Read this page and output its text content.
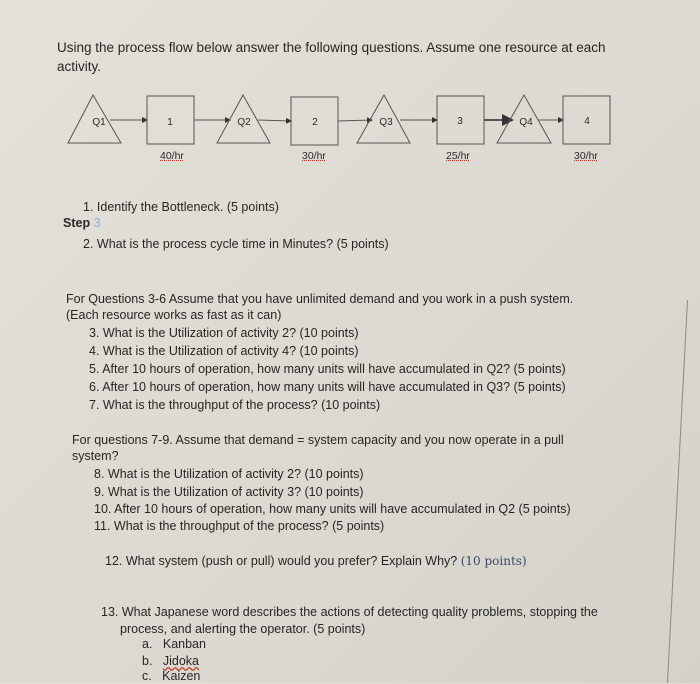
Using the process flow below answer the following questions. Assume one resource at each activity.
Q1	1	Q2	2	Q3	3	Q4	4
40/hr	30/hr	25/hr	30/hr
1. Identify the Bottleneck. (5 points)
Step 3
2. What is the process cycle time in Minutes? (5 points)
For Questions 3-6 Assume that you have unlimited demand and you work in a push system.
(Each resource works as fast as it can)
3. What is the Utilization of activity 2? (10 points)
4. What is the Utilization of activity 4? (10 points)
5. After 10 hours of operation, how many units will have accumulated in Q2? (5 points)
6. After 10 hours of operation, how many units will have accumulated in Q3? (5 points)
7. What is the throughput of the process? (10 points)
For questions 7-9. Assume that demand = system capacity and you now operate in a pull
system?
8. What is the Utilization of activity 2? (10 points)
9. What is the Utilization of activity 3? (10 points)
10. After 10 hours of operation, how many units will have accumulated in Q2 (5 points)
11. What is the throughput of the process? (5 points)
12. What system (push or pull) would you prefer? Explain Why? (10 points)
13. What Japanese word describes the actions of detecting quality problems, stopping the
process, and alerting the operator. (5 points)
a. Kanban
b. Jidoka
c. Kaizen
